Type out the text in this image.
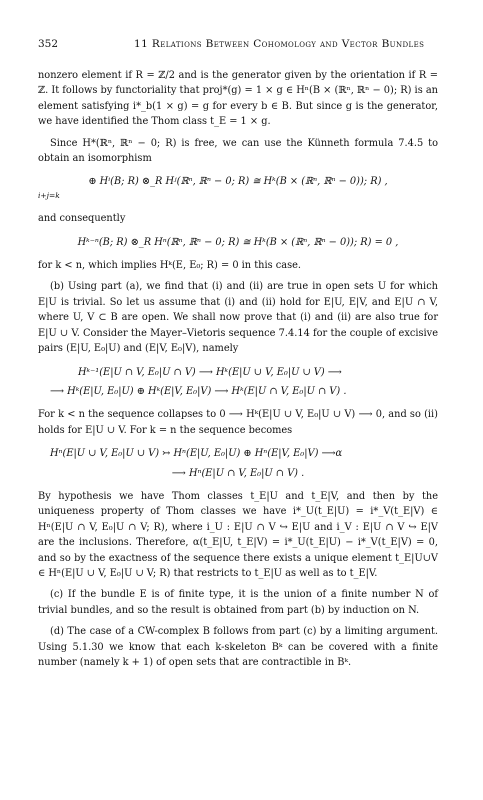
352	11 Relations Between Cohomology and Vector Bundles

nonzero element if R = ℤ/2 and is the generator given by the orientation if R = ℤ. It follows by functoriality that proj*(g) = 1 × g ∈ Hⁿ(B × (ℝⁿ, ℝⁿ − 0); R) is an element satisfying i*_b(1 × g) = g for every b ∈ B. But since g is the generator, we have identified the Thom class t_E = 1 × g.

Since H*(ℝⁿ, ℝⁿ − 0; R) is free, we can use the Künneth formula 7.4.5 to obtain an isomorphism

⊕ Hⁱ(B; R) ⊗_R Hʲ(ℝⁿ, ℝⁿ − 0; R) ≅ Hᵏ(B × (ℝⁿ, ℝⁿ − 0)); R) ,
i+j=k

and consequently

Hᵏ⁻ⁿ(B; R) ⊗_R Hⁿ(ℝⁿ, ℝⁿ − 0; R) ≅ Hᵏ(B × (ℝⁿ, ℝⁿ − 0)); R) = 0 ,

for k < n, which implies Hᵏ(E, E₀; R) = 0 in this case.

(b) Using part (a), we find that (i) and (ii) are true in open sets U for which E|U is trivial. So let us assume that (i) and (ii) hold for E|U, E|V, and E|U ∩ V, where U, V ⊂ B are open. We shall now prove that (i) and (ii) are also true for E|U ∪ V. Consider the Mayer–Vietoris sequence 7.4.14 for the couple of excisive pairs (E|U, E₀|U) and (E|V, E₀|V), namely

Hᵏ⁻¹(E|U ∩ V, E₀|U ∩ V) ⟶ Hᵏ(E|U ∪ V, E₀|U ∪ V) ⟶
⟶ Hᵏ(E|U, E₀|U) ⊕ Hᵏ(E|V, E₀|V) ⟶ Hᵏ(E|U ∩ V, E₀|U ∩ V) .

For k < n the sequence collapses to 0 ⟶ Hᵏ(E|U ∪ V, E₀|U ∪ V) ⟶ 0, and so (ii) holds for E|U ∪ V. For k = n the sequence becomes

Hⁿ(E|U ∪ V, E₀|U ∪ V) ↣ Hⁿ(E|U, E₀|U) ⊕ Hⁿ(E|V, E₀|V) ⟶α
⟶ Hⁿ(E|U ∩ V, E₀|U ∩ V) .

By hypothesis we have Thom classes t_E|U and t_E|V, and then by the uniqueness property of Thom classes we have i*_U(t_E|U) = i*_V(t_E|V) ∈ Hⁿ(E|U ∩ V, E₀|U ∩ V; R), where i_U : E|U ∩ V ↪ E|U and i_V : E|U ∩ V ↪ E|V are the inclusions. Therefore, α(t_E|U, t_E|V) = i*_U(t_E|U) − i*_V(t_E|V) = 0, and so by the exactness of the sequence there exists a unique element t_E|U∪V ∈ Hⁿ(E|U ∪ V, E₀|U ∪ V; R) that restricts to t_E|U as well as to t_E|V.

(c) If the bundle E is of finite type, it is the union of a finite number N of trivial bundles, and so the result is obtained from part (b) by induction on N.

(d) The case of a CW-complex B follows from part (c) by a limiting argument. Using 5.1.30 we know that each k-skeleton Bᵏ can be covered with a finite number (namely k + 1) of open sets that are contractible in Bᵏ.
